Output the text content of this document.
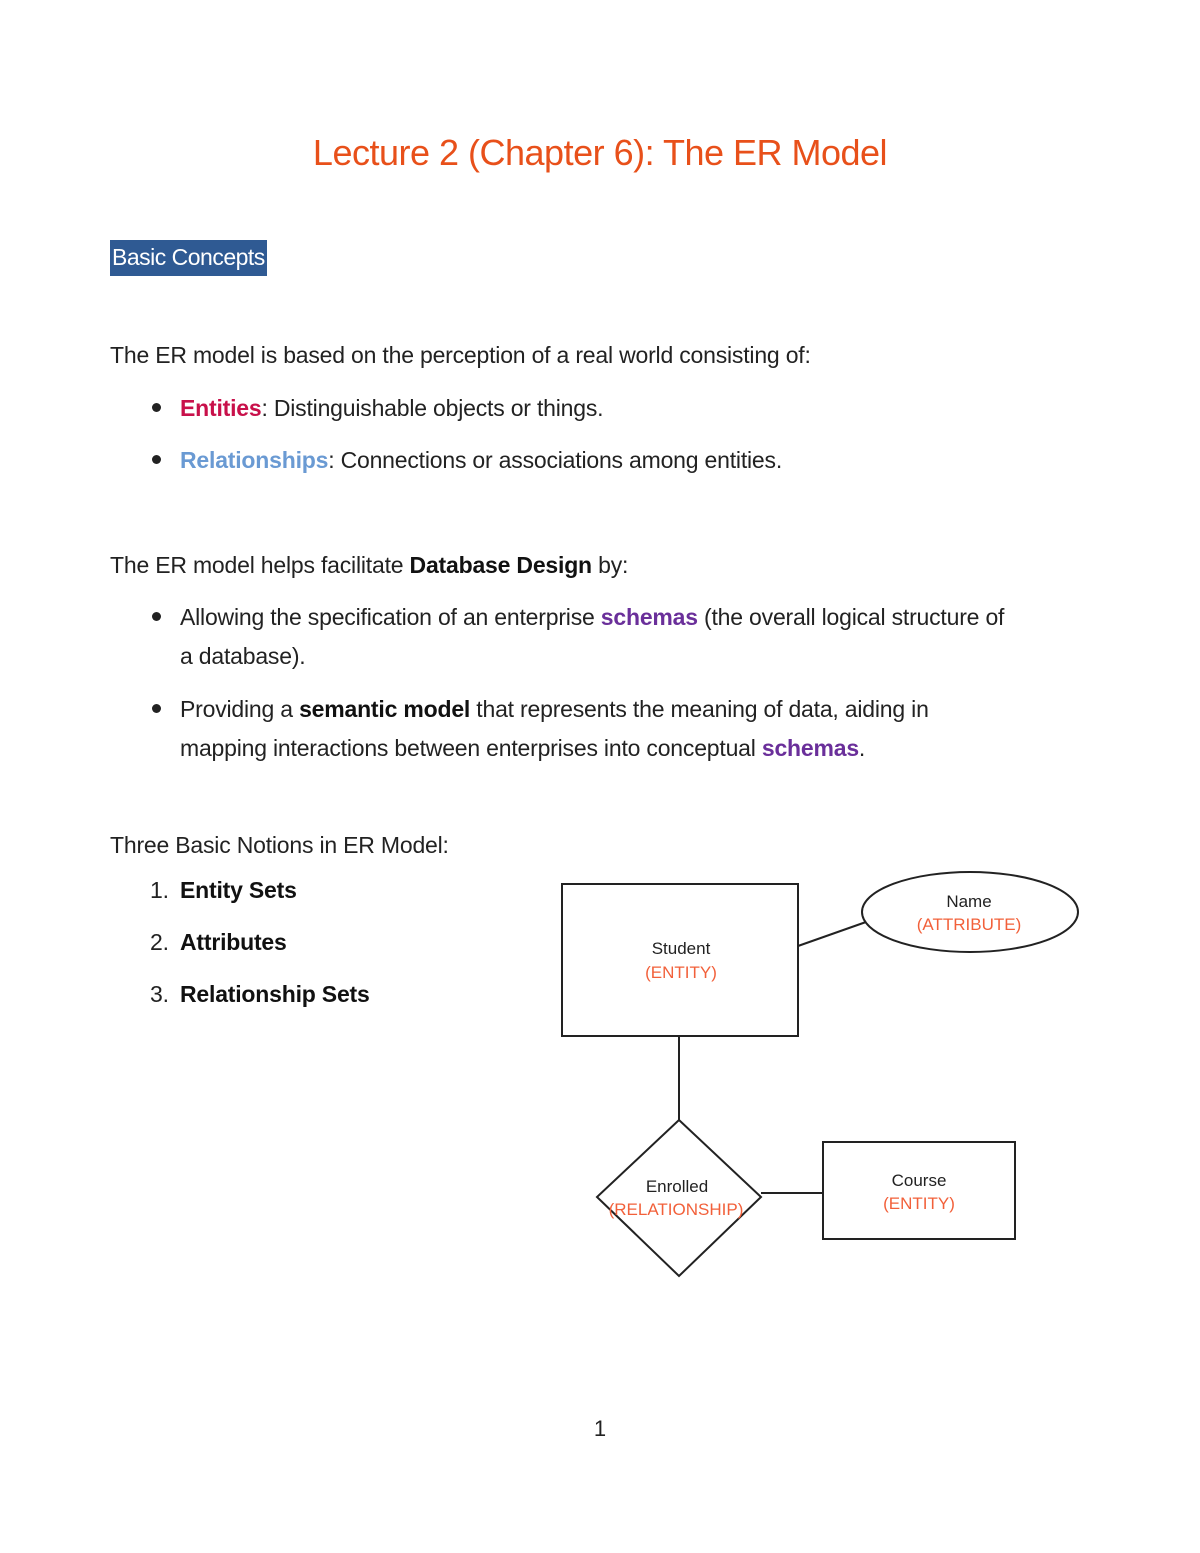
Lecture 2 (Chapter 6): The ER Model
Basic Concepts
The ER model is based on the perception of a real world consisting of:
Entities: Distinguishable objects or things.
Relationships: Connections or associations among entities.
The ER model helps facilitate Database Design by:
Allowing the specification of an enterprise schemas (the overall logical structure of
a database).
Providing a semantic model that represents the meaning of data, aiding in
mapping interactions between enterprises into conceptual schemas.
Three Basic Notions in ER Model:
1. Entity Sets
2. Attributes
3. Relationship Sets
Student
(ENTITY)
Name
(ATTRIBUTE)
Enrolled
(RELATIONSHIP)
Course
(ENTITY)
1
